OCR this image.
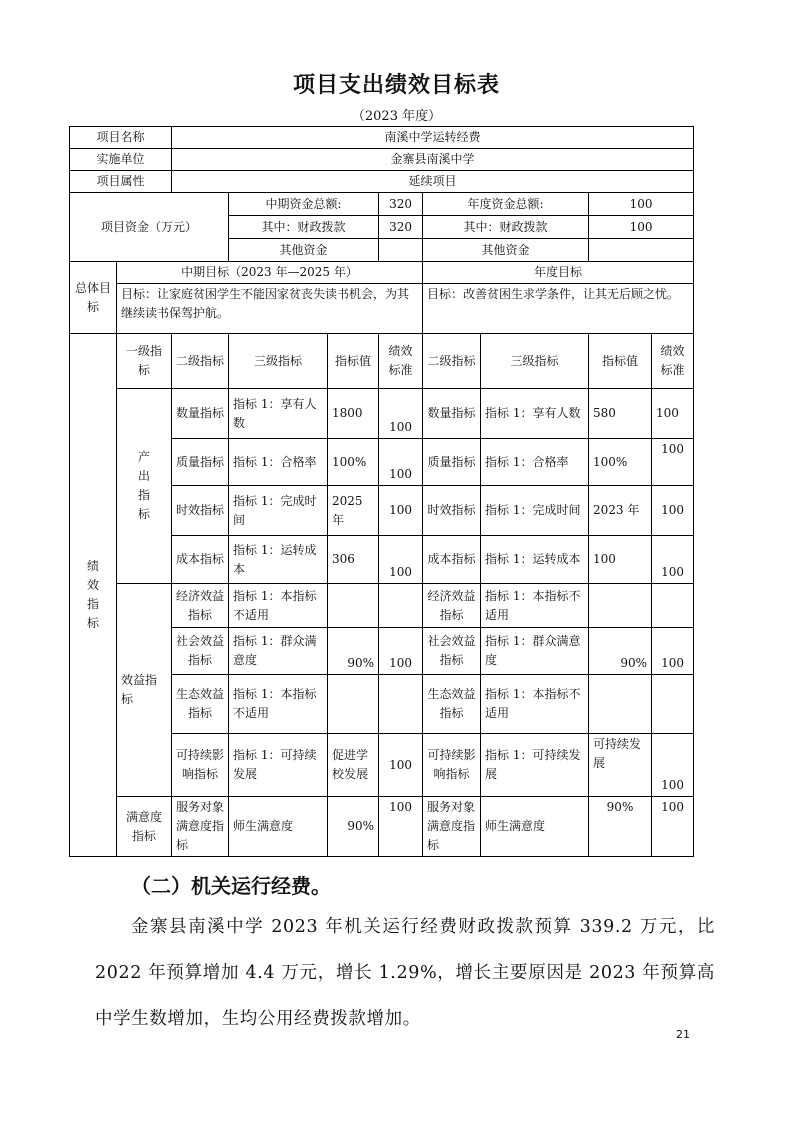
项目支出绩效目标表
（2023 年度）
项目名称		南溪中学运转经费							
实施单位		金寨县南溪中学							
项目属性		延续项目							
项目资金（万元）			中期资金总额:		320	年度资金总额:		100	
			其中：财政拨款		320	其中：财政拨款		100	
			其他资金			其他资金			
总体目标	中期目标（2023 年—2025 年）					年度目标			
	目标：让家庭贫困学生不能因家贫丧失读书机会，为其继续读书保驾护航。					目标：改善贫困生求学条件，让其无后顾之忧。			
绩效指标	一级指标	二级指标	三级指标	指标值	绩效标准	二级指标	三级指标	指标值	绩效标准
	产出指标	数量指标	指标 1：享有人数	1800	100	数量指标	指标 1：享有人数	580	100
		质量指标	指标 1：合格率	100%	100	质量指标	指标 1：合格率	100%	100
		时效指标	指标 1：完成时间	2025年	100	时效指标	指标 1：完成时间	2023 年	100
		成本指标	指标 1：运转成本	306	100	成本指标	指标 1：运转成本	100	100
	效益指标	经济效益指标	指标 1：本指标不适用			经济效益指标	指标 1：本指标不适用		
		社会效益指标	指标 1：群众满意度	90%	100	社会效益指标	指标 1：群众满意度	90%	100
		生态效益指标	指标 1：本指标不适用			生态效益指标	指标 1：本指标不适用		
		可持续影响指标	指标 1：可持续发展	促进学校发展	100	可持续影响指标	指标 1：可持续发展	可持续发展	100
	满意度指标	服务对象满意度指标	师生满意度	90%	100	服务对象满意度指标	师生满意度	90%	100
（二）机关运行经费。
金寨县南溪中学 2023 年机关运行经费财政拨款预算 339.2 万元，比 2022 年预算增加 4.4 万元，增长 1.29%，增长主要原因是 2023 年预算高中学生数增加，生均公用经费拨款增加。
21
